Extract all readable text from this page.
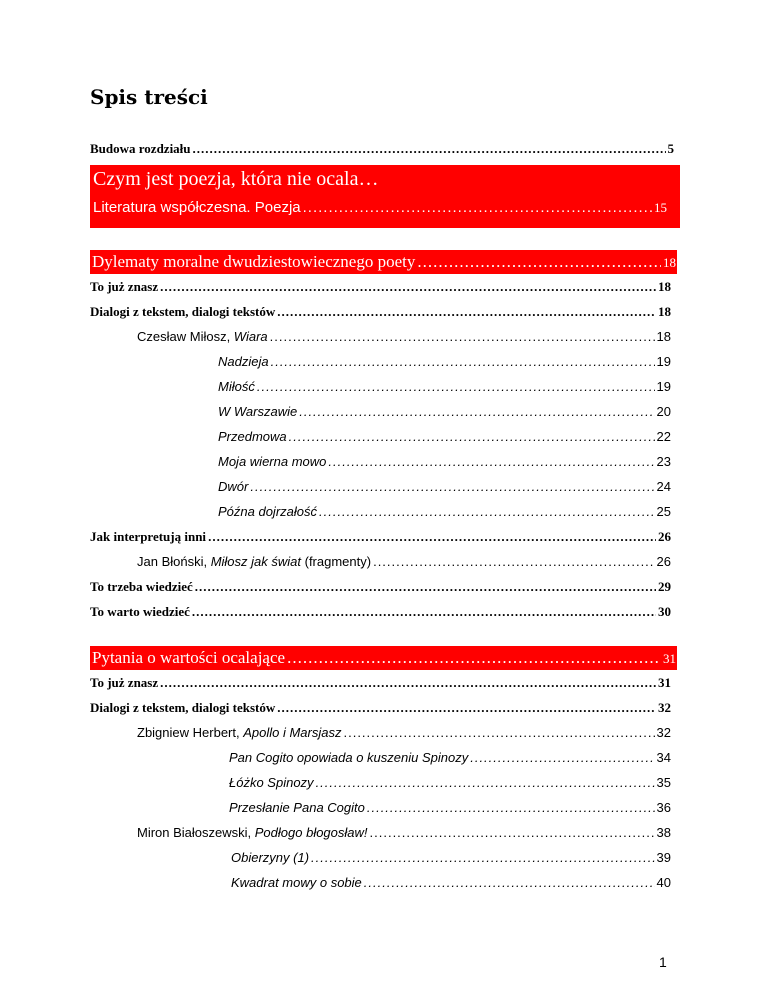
Spis treści
Budowa rozdziału .....	5
Czym jest poezja, która nie ocala…
Literatura współczesna. Poezja .....	15
Dylematy moralne dwudziestowiecznego poety .....	18
To już znasz .....	18
Dialogi z tekstem, dialogi tekstów .....	18
Czesław Miłosz, Wiara .....	18
Nadzieja .....	19
Miłość .....	19
W Warszawie .....	20
Przedmowa .....	22
Moja wierna mowo .....	23
Dwór .....	24
Późna dojrzałość .....	25
Jak interpretują inni .....	26
Jan Błoński, Miłosz jak świat (fragmenty) .....	26
To trzeba wiedzieć .....	29
To warto wiedzieć .....	30
Pytania o wartości ocalające .....	31
To już znasz .....	31
Dialogi z tekstem, dialogi tekstów .....	32
Zbigniew Herbert, Apollo i Marsjasz .....	32
Pan Cogito opowiada o kuszeniu Spinozy .....	34
Łóżko Spinozy .....	35
Przesłanie Pana Cogito .....	36
Miron Białoszewski, Podłogo błogosław! .....	38
Obierzyny (1) .....	39
Kwadrat mowy o sobie .....	40
1
